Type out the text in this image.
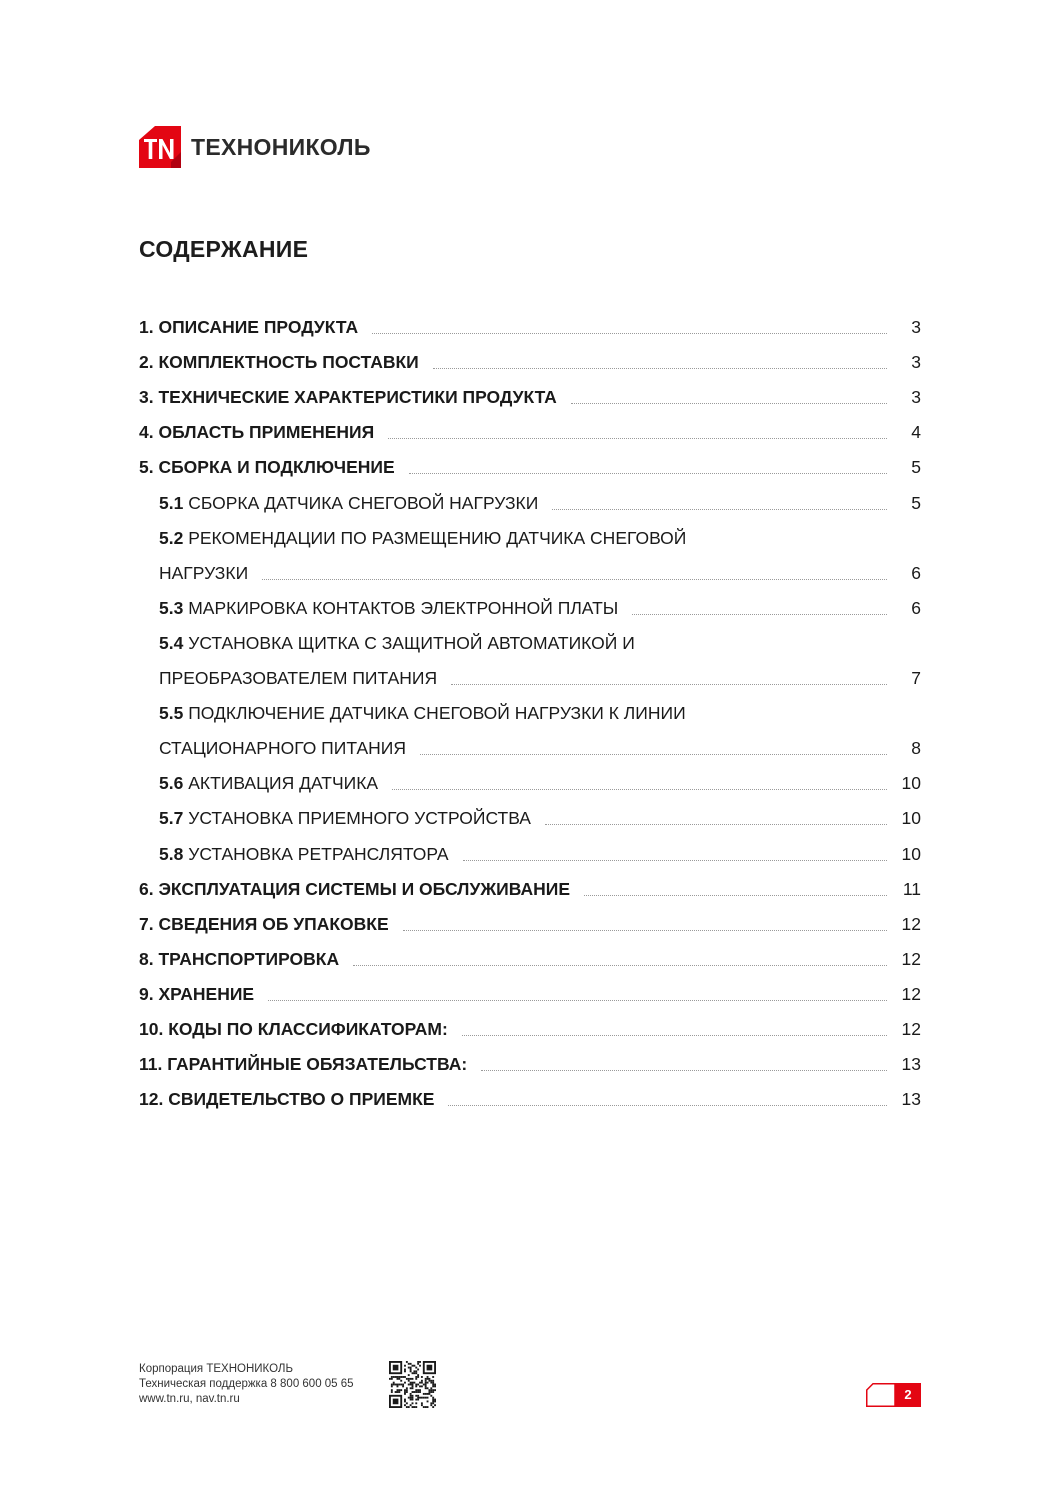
ТЕХНОНИКОЛЬ
СОДЕРЖАНИЕ
1. ОПИСАНИЕ ПРОДУКТА	3
2. КОМПЛЕКТНОСТЬ ПОСТАВКИ	3
3. ТЕХНИЧЕСКИЕ ХАРАКТЕРИСТИКИ ПРОДУКТА	3
4. ОБЛАСТЬ ПРИМЕНЕНИЯ	4
5. СБОРКА И ПОДКЛЮЧЕНИЕ	5
5.1 СБОРКА ДАТЧИКА СНЕГОВОЙ НАГРУЗКИ	5
5.2 РЕКОМЕНДАЦИИ ПО РАЗМЕЩЕНИЮ ДАТЧИКА СНЕГОВОЙ
НАГРУЗКИ	6
5.3 МАРКИРОВКА КОНТАКТОВ ЭЛЕКТРОННОЙ ПЛАТЫ	6
5.4 УСТАНОВКА ЩИТКА С ЗАЩИТНОЙ АВТОМАТИКОЙ И
ПРЕОБРАЗОВАТЕЛЕМ ПИТАНИЯ	7
5.5 ПОДКЛЮЧЕНИЕ ДАТЧИКА СНЕГОВОЙ НАГРУЗКИ К ЛИНИИ
СТАЦИОНАРНОГО ПИТАНИЯ	8
5.6 АКТИВАЦИЯ ДАТЧИКА	10
5.7 УСТАНОВКА ПРИЕМНОГО УСТРОЙСТВА	10
5.8 УСТАНОВКА РЕТРАНСЛЯТОРА	10
6. ЭКСПЛУАТАЦИЯ СИСТЕМЫ И ОБСЛУЖИВАНИЕ	11
7. СВЕДЕНИЯ ОБ УПАКОВКЕ	12
8. ТРАНСПОРТИРОВКА	12
9. ХРАНЕНИЕ	12
10. КОДЫ ПО КЛАССИФИКАТОРАМ:	12
11. ГАРАНТИЙНЫЕ ОБЯЗАТЕЛЬСТВА:	13
12. СВИДЕТЕЛЬСТВО О ПРИЕМКЕ	13
Корпорация ТЕХНОНИКОЛЬ
Техническая поддержка 8 800 600 05 65
www.tn.ru, nav.tn.ru	2
